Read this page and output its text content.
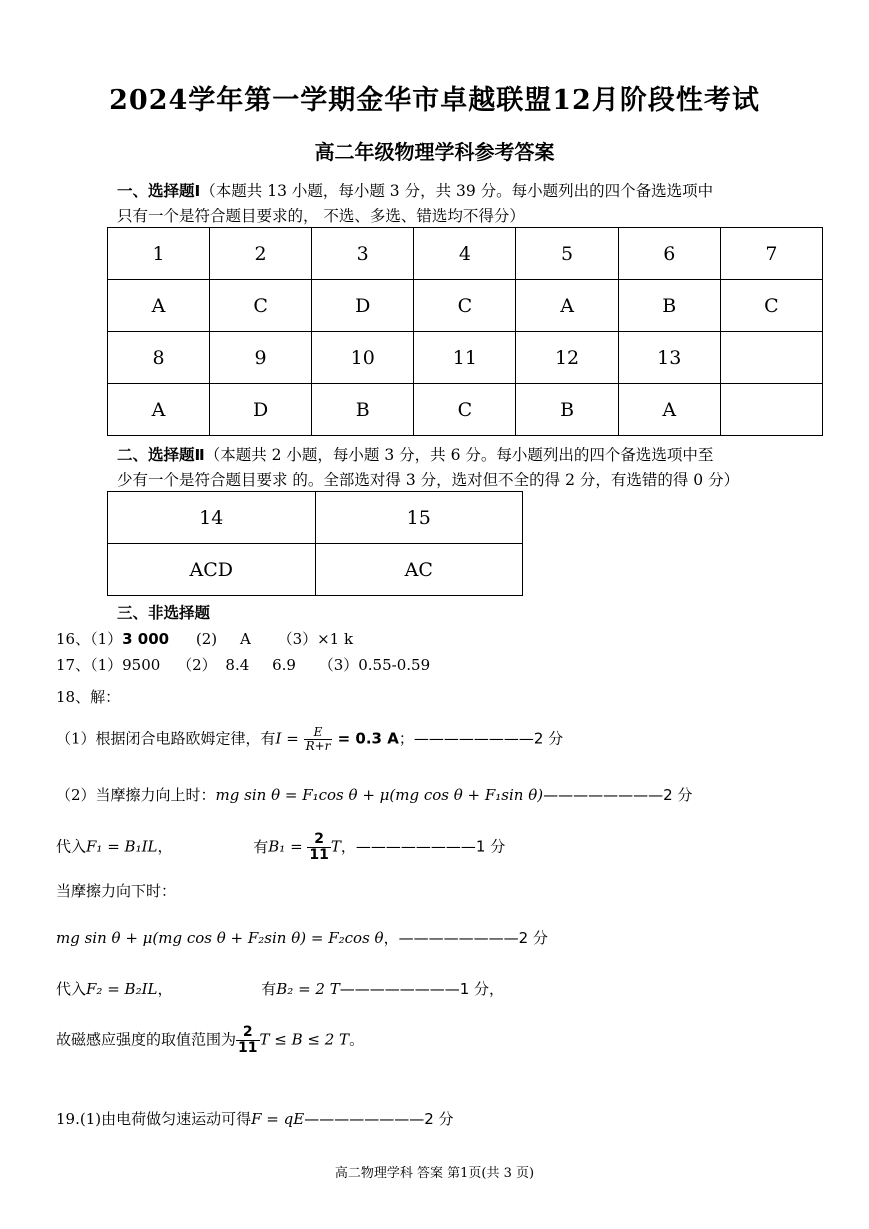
2024学年第一学期金华市卓越联盟12月阶段性考试
高二年级物理学科参考答案
一、选择题Ⅰ（本题共 13 小题，每小题 3 分，共 39 分。每小题列出的四个备选选项中
只有一个是符合题目要求的， 不选、多选、错选均不得分）
1	2	3	4	5	6	7
A	C	D	C	A	B	C
8	9	10	11	12	13	
A	D	B	C	B	A	
二、选择题Ⅱ（本题共 2 小题，每小题 3 分，共 6 分。每小题列出的四个备选选项中至
少有一个是符合题目要求 的。全部选对得 3 分，选对但不全的得 2 分，有选错的得 0 分）
14	15
ACD	AC
三、非选择题
16、（1）3 000 (2) A （3）×1 k
17、（1）9500 （2） 8.4 6.9 （3）0.55-0.59
18、解：
（1）根据闭合电路欧姆定律，有$I = \frac{E}{R+r} = 0.3$ A；————————2 分
（2）当摩擦力向上时：mg sin θ = F₁cos θ + μ(mg cos θ + F₁sin θ)————————2 分
代入F₁ = B₁IL，	有$B_1 = \frac{2}{11}$ T，————————1 分
当摩擦力向下时：
mg sin θ + μ(mg cos θ + F₂sin θ) = F₂cos θ，————————2 分
代入F₂ = B₂IL，	有B₂ = 2 T————————1 分，
故磁感应强度的取值范围为 $\frac{2}{11}$ T ≤ B ≤ 2 T。
19.(1)由电荷做匀速运动可得F = qE————————2 分
高二物理学科 答案 第1页(共 3 页)
